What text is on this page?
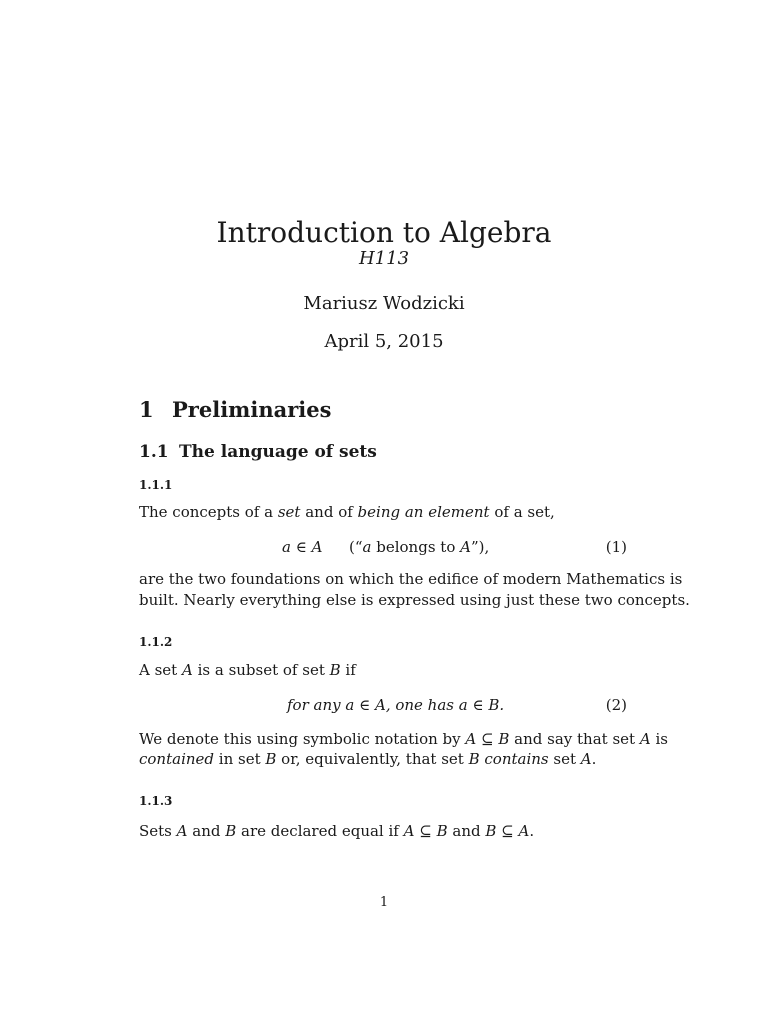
Introduction to Algebra
H113
Mariusz Wodzicki
April 5, 2015
1 Preliminaries
1.1 The language of sets
1.1.1
The concepts of a set and of being an element of a set,
a ∈ A (“a belongs to A”),	(1)
are the two foundations on which the edifice of modern Mathematics is
built. Nearly everything else is expressed using just these two concepts.
1.1.2
A set A is a subset of set B if
for any a ∈ A, one has a ∈ B.	(2)
We denote this using symbolic notation by A ⊆ B and say that set A is
contained in set B or, equivalently, that set B contains set A.
1.1.3
Sets A and B are declared equal if A ⊆ B and B ⊆ A.
1
